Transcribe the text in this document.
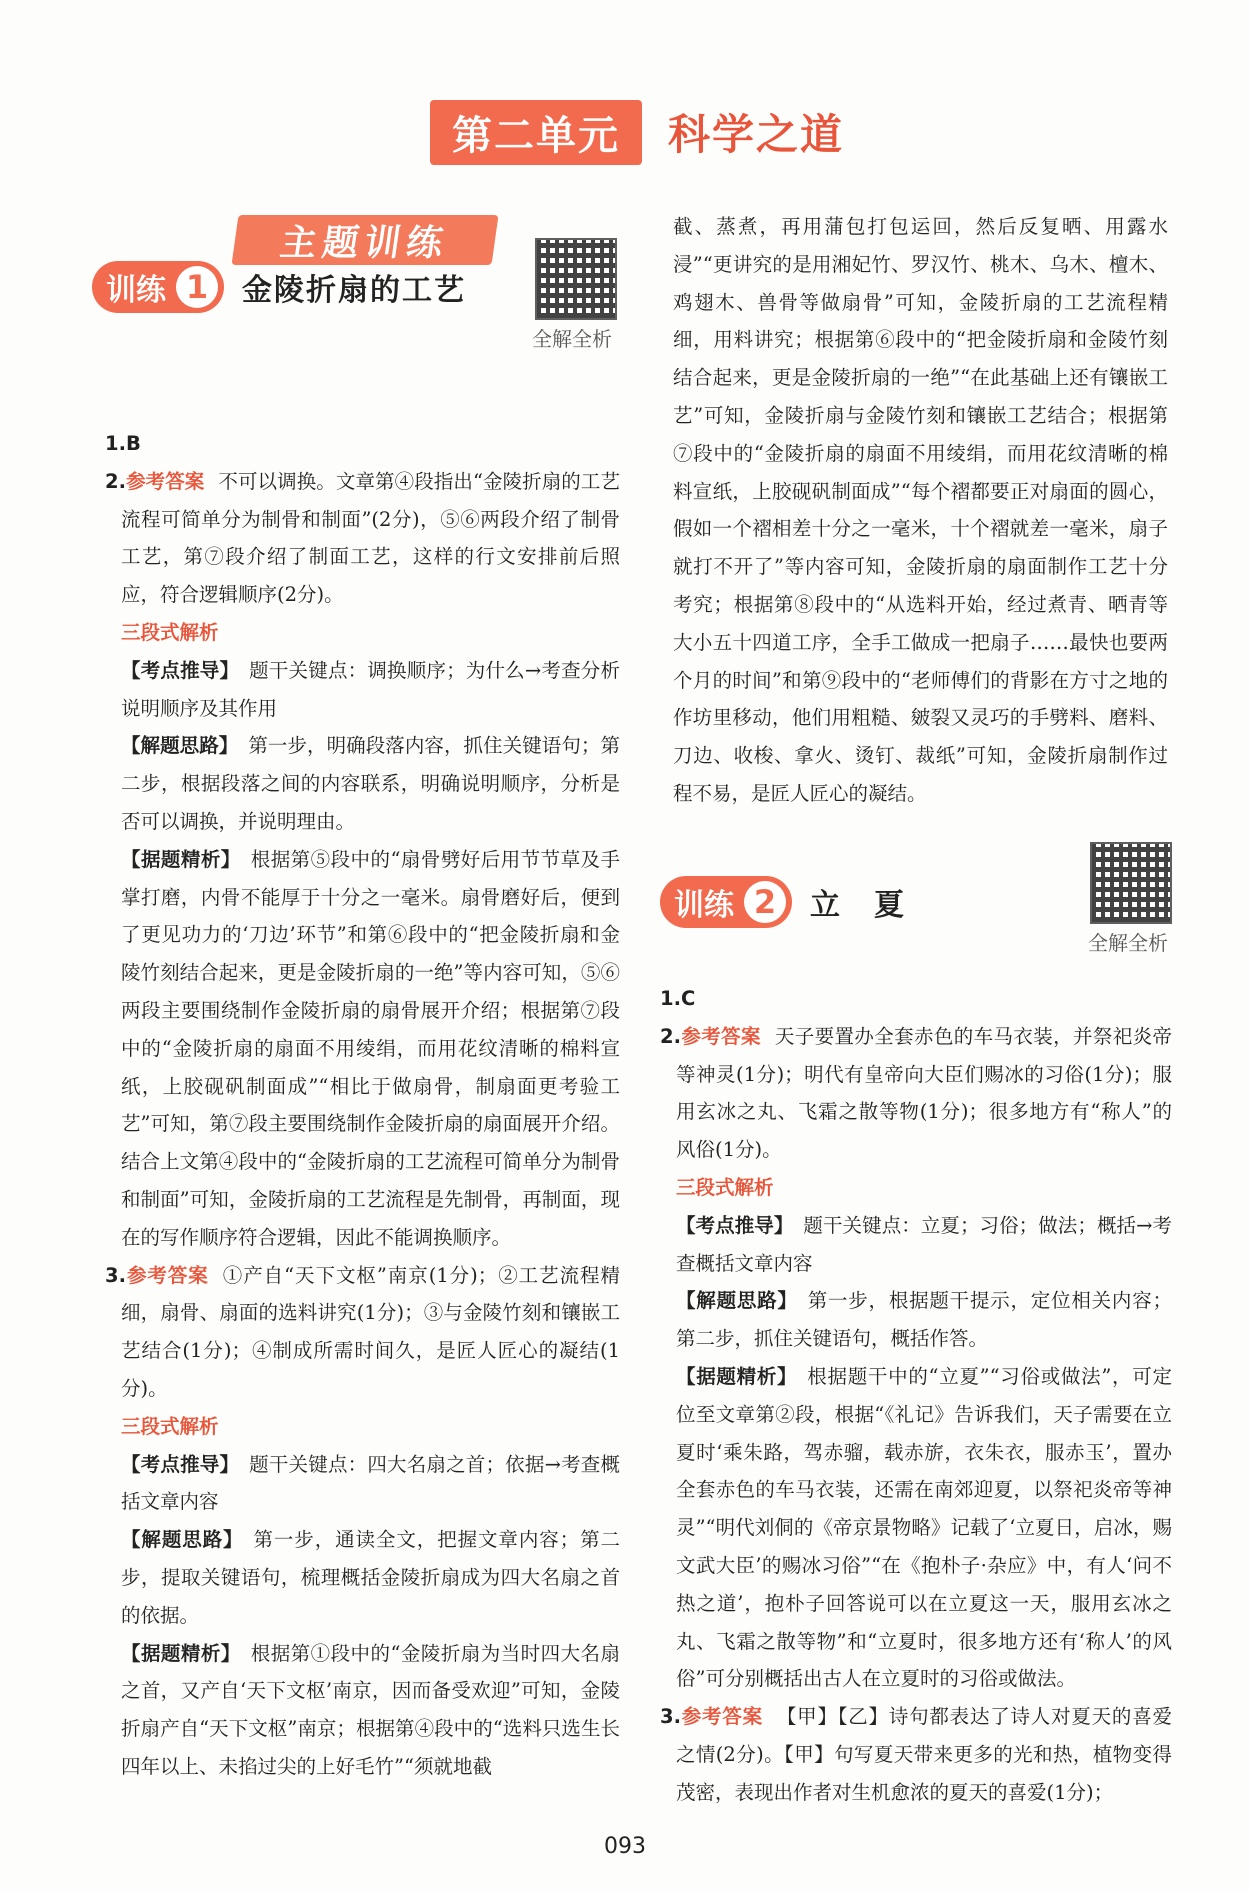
第二单元	科学之道
主题训练
训练 1	金陵折扇的工艺
全解全析

1.B

2.参考答案 不可以调换。文章第④段指出“金陵折扇的工艺流程可简单分为制骨和制面”(2分)，⑤⑥两段介绍了制骨工艺，第⑦段介绍了制面工艺，这样的行文安排前后照应，符合逻辑顺序(2分)。

三段式解析

【考点推导】 题干关键点：调换顺序；为什么→考查分析说明顺序及其作用

【解题思路】 第一步，明确段落内容，抓住关键语句；第二步，根据段落之间的内容联系，明确说明顺序，分析是否可以调换，并说明理由。

【据题精析】 根据第⑤段中的“扇骨劈好后用节节草及手掌打磨，内骨不能厚于十分之一毫米。扇骨磨好后，便到了更见功力的‘刀边’环节”和第⑥段中的“把金陵折扇和金陵竹刻结合起来，更是金陵折扇的一绝”等内容可知，⑤⑥两段主要围绕制作金陵折扇的扇骨展开介绍；根据第⑦段中的“金陵折扇的扇面不用绫绢，而用花纹清晰的棉料宣纸，上胶砚矾制面成”“相比于做扇骨，制扇面更考验工艺”可知，第⑦段主要围绕制作金陵折扇的扇面展开介绍。结合上文第④段中的“金陵折扇的工艺流程可简单分为制骨和制面”可知，金陵折扇的工艺流程是先制骨，再制面，现在的写作顺序符合逻辑，因此不能调换顺序。

3.参考答案 ①产自“天下文枢”南京(1分)；②工艺流程精细，扇骨、扇面的选料讲究(1分)；③与金陵竹刻和镶嵌工艺结合(1分)；④制成所需时间久，是匠人匠心的凝结(1分)。

三段式解析

【考点推导】 题干关键点：四大名扇之首；依据→考查概括文章内容

【解题思路】 第一步，通读全文，把握文章内容；第二步，提取关键语句，梳理概括金陵折扇成为四大名扇之首的依据。

【据题精析】 根据第①段中的“金陵折扇为当时四大名扇之首，又产自‘天下文枢’南京，因而备受欢迎”可知，金陵折扇产自“天下文枢”南京；根据第④段中的“选料只选生长四年以上、未掐过尖的上好毛竹”“须就地截

截、蒸煮，再用蒲包打包运回，然后反复晒、用露水浸”“更讲究的是用湘妃竹、罗汉竹、桃木、乌木、檀木、鸡翅木、兽骨等做扇骨”可知，金陵折扇的工艺流程精细，用料讲究；根据第⑥段中的“把金陵折扇和金陵竹刻结合起来，更是金陵折扇的一绝”“在此基础上还有镶嵌工艺”可知，金陵折扇与金陵竹刻和镶嵌工艺结合；根据第⑦段中的“金陵折扇的扇面不用绫绢，而用花纹清晰的棉料宣纸，上胶砚矾制面成”“每个褶都要正对扇面的圆心，假如一个褶相差十分之一毫米，十个褶就差一毫米，扇子就打不开了”等内容可知，金陵折扇的扇面制作工艺十分考究；根据第⑧段中的“从选料开始，经过煮青、晒青等大小五十四道工序，全手工做成一把扇子……最快也要两个月的时间”和第⑨段中的“老师傅们的背影在方寸之地的作坊里移动，他们用粗糙、皴裂又灵巧的手劈料、磨料、刀边、收梭、拿火、烫钉、裁纸”可知，金陵折扇制作过程不易，是匠人匠心的凝结。

训练 2	立　夏
全解全析

1.C

2.参考答案 天子要置办全套赤色的车马衣装，并祭祀炎帝等神灵(1分)；明代有皇帝向大臣们赐冰的习俗(1分)；服用玄冰之丸、飞霜之散等物(1分)；很多地方有“称人”的风俗(1分)。

三段式解析

【考点推导】 题干关键点：立夏；习俗；做法；概括→考查概括文章内容

【解题思路】 第一步，根据题干提示，定位相关内容；第二步，抓住关键语句，概括作答。

【据题精析】 根据题干中的“立夏”“习俗或做法”，可定位至文章第②段，根据“《礼记》告诉我们，天子需要在立夏时‘乘朱路，驾赤骝，载赤旂，衣朱衣，服赤玉’，置办全套赤色的车马衣装，还需在南郊迎夏，以祭祀炎帝等神灵”“明代刘侗的《帝京景物略》记载了‘立夏日，启冰，赐文武大臣’的赐冰习俗”“在《抱朴子·杂应》中，有人‘问不热之道’，抱朴子回答说可以在立夏这一天，服用玄冰之丸、飞霜之散等物”和“立夏时，很多地方还有‘称人’的风俗”可分别概括出古人在立夏时的习俗或做法。

3.参考答案 【甲】【乙】诗句都表达了诗人对夏天的喜爱之情(2分)。【甲】句写夏天带来更多的光和热，植物变得茂密，表现出作者对生机愈浓的夏天的喜爱(1分)；

093
